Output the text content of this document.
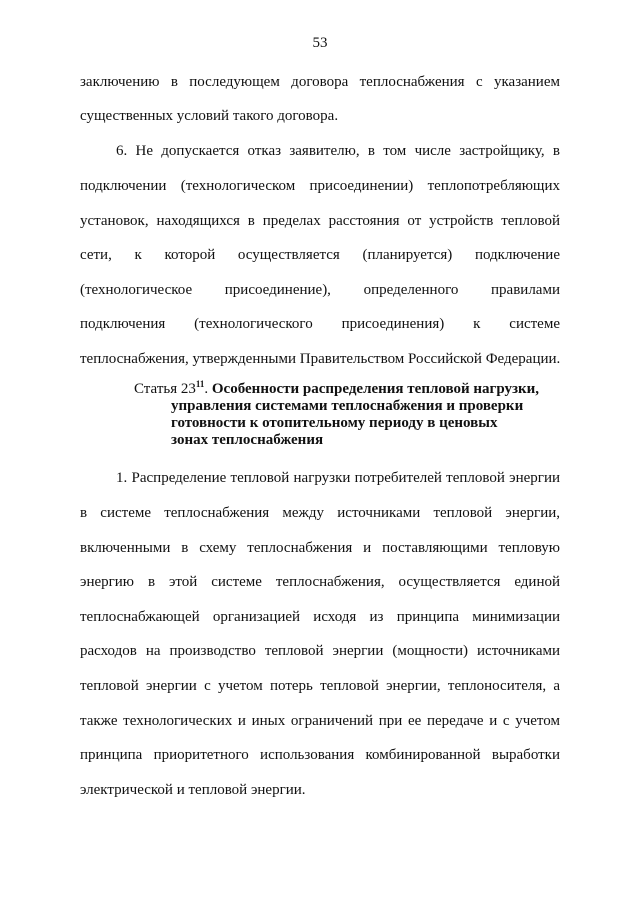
53
заключению в последующем договора теплоснабжения с указанием
существенных условий такого договора.
6. Не допускается отказ заявителю, в том числе застройщику, в
подключении (технологическом присоединении) теплопотребляющих
установок, находящихся в пределах расстояния от устройств тепловой
сети, к которой осуществляется (планируется) подключение
(технологическое присоединение), определенного правилами
подключения (технологического присоединения) к системе
теплоснабжения, утвержденными Правительством Российской Федерации.
Статья $23^{11}$. Особенности распределения тепловой нагрузки,
управления системами теплоснабжения и проверки
готовности к отопительному периоду в ценовых
зонах теплоснабжения
1. Распределение тепловой нагрузки потребителей тепловой энергии
в системе теплоснабжения между источниками тепловой энергии,
включенными в схему теплоснабжения и поставляющими тепловую
энергию в этой системе теплоснабжения, осуществляется единой
теплоснабжающей организацией исходя из принципа минимизации
расходов на производство тепловой энергии (мощности) источниками
тепловой энергии с учетом потерь тепловой энергии, теплоносителя, а
также технологических и иных ограничений при ее передаче и с учетом
принципа приоритетного использования комбинированной выработки
электрической и тепловой энергии.
